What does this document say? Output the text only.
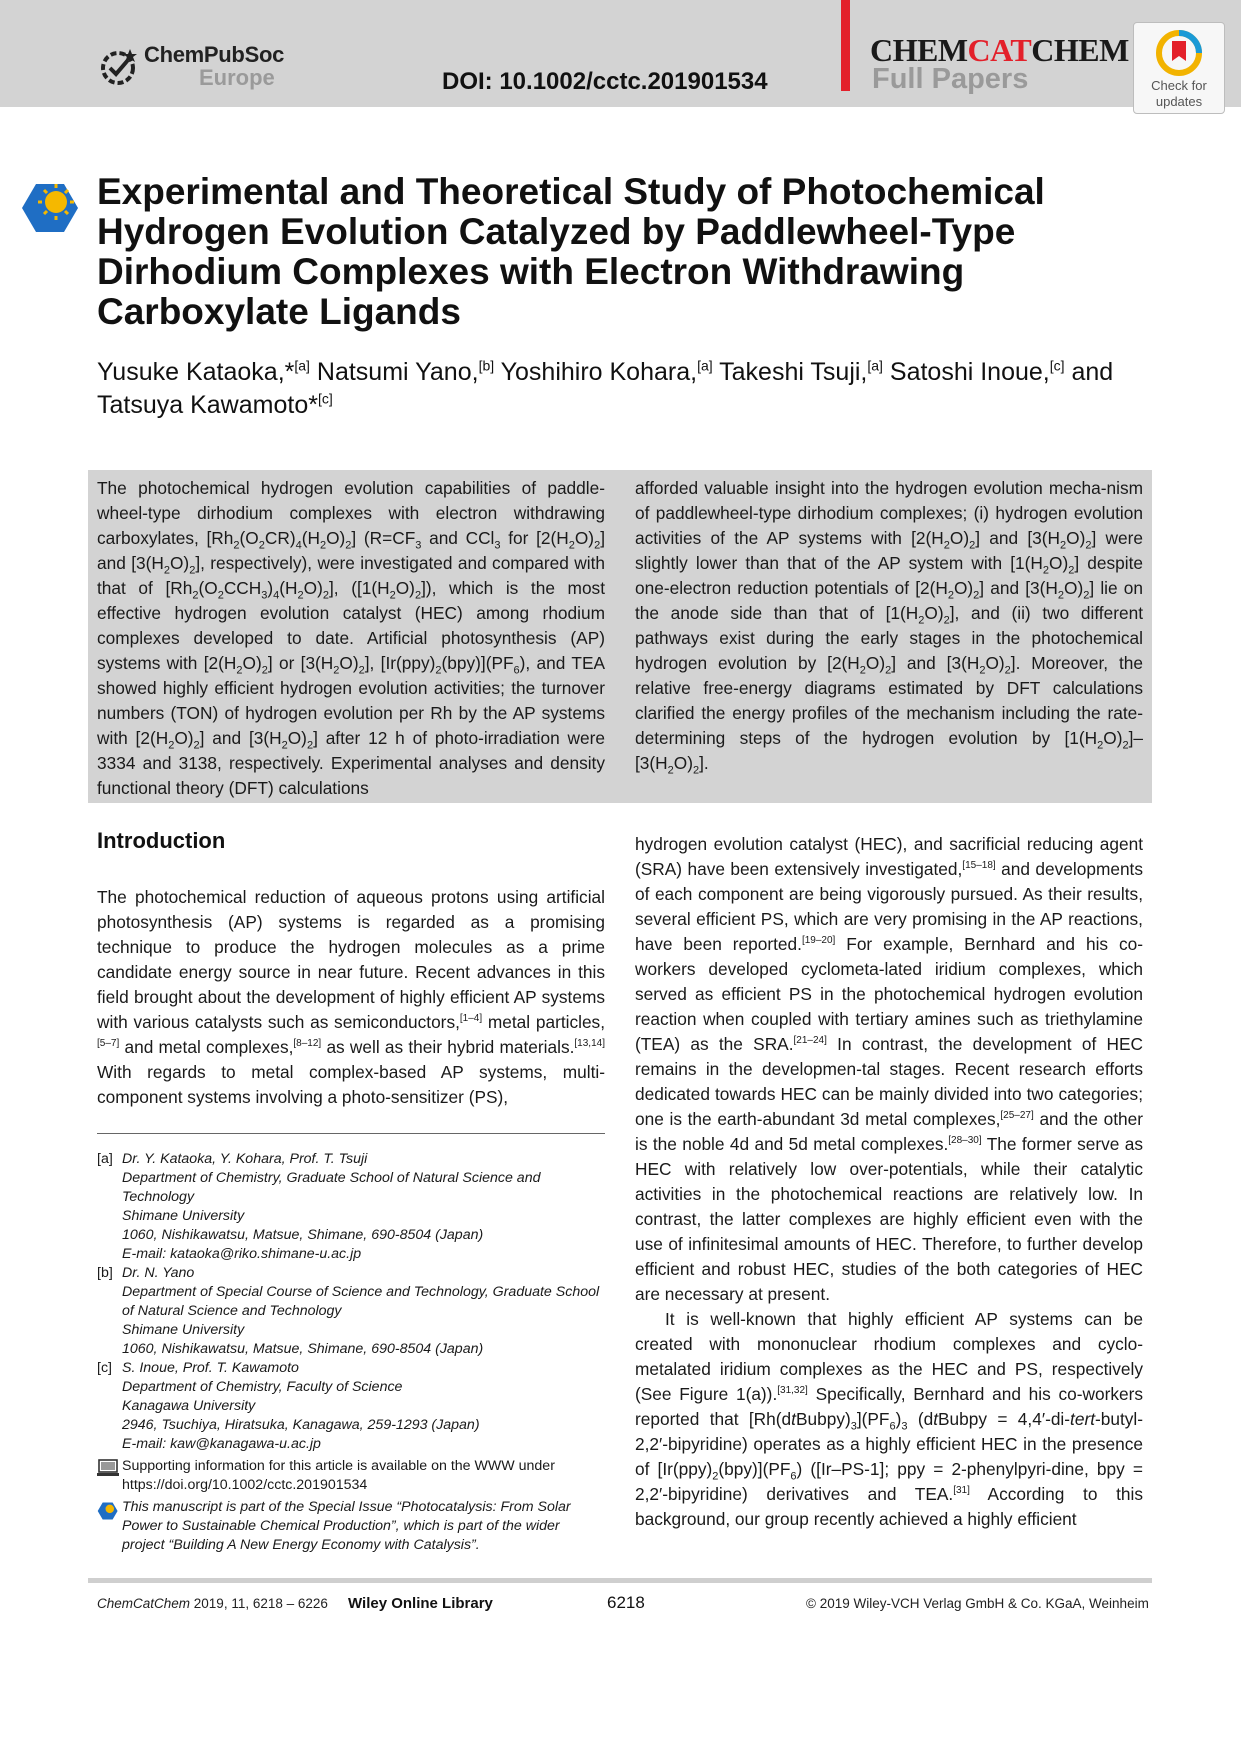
ChemPubSoc
Europe	DOI: 10.1002/cctc.201901534
CHEMCATCHEM
Full Papers	Check for
updates
Experimental and Theoretical Study of Photochemical Hydrogen Evolution Catalyzed by Paddlewheel-Type Dirhodium Complexes with Electron Withdrawing Carboxylate Ligands
Yusuke Kataoka,*[a] Natsumi Yano,[b] Yoshihiro Kohara,[a] Takeshi Tsuji,[a] Satoshi Inoue,[c] and Tatsuya Kawamoto*[c]
The photochemical hydrogen evolution capabilities of paddle-wheel-type dirhodium complexes with electron withdrawing carboxylates, $[Rh_2(O_2CR)_4(H_2O)_2]$ ($R=CF_3$ and CCl$_3$ for $[2(H_2O)_2]$ and $[3(H_2O)_2]$, respectively), were investigated and compared with that of $[Rh_2(O_2CCH_3)_4(H_2O)_2]$, $([1(H_2O)_2])$, which is the most effective hydrogen evolution catalyst (HEC) among rhodium complexes developed to date. Artificial photosynthesis (AP) systems with $[2(H_2O)_2]$ or $[3(H_2O)_2]$, $[Ir(ppy)_2(bpy)](PF_6)$, and TEA showed highly efficient hydrogen evolution activities; the turnover numbers (TON) of hydrogen evolution per Rh by the AP systems with $[2(H_2O)_2]$ and $[3(H_2O)_2]$ after 12 h of photo-irradiation were 3334 and 3138, respectively. Experimental analyses and density functional theory (DFT) calculations
afforded valuable insight into the hydrogen evolution mecha-nism of paddlewheel-type dirhodium complexes; (i) hydrogen evolution activities of the AP systems with $[2(H_2O)_2]$ and $[3(H_2O)_2]$ were slightly lower than that of the AP system with $[1(H_2O)_2]$ despite one-electron reduction potentials of $[2(H_2O)_2]$ and $[3(H_2O)_2]$ lie on the anode side than that of $[1(H_2O)_2]$, and (ii) two different pathways exist during the early stages in the photochemical hydrogen evolution by $[2(H_2O)_2]$ and $[3(H_2O)_2]$. Moreover, the relative free-energy diagrams estimated by DFT calculations clarified the energy profiles of the mechanism including the rate-determining steps of the hydrogen evolution by $[1(H_2O)_2]-[3(H_2O)_2]$.
Introduction
The photochemical reduction of aqueous protons using artificial photosynthesis (AP) systems is regarded as a promising technique to produce the hydrogen molecules as a prime candidate energy source in near future. Recent advances in this field brought about the development of highly efficient AP systems with various catalysts such as semiconductors,[1–4] metal particles,[5–7] and metal complexes,[8–12] as well as their hybrid materials.[13,14] With regards to metal complex-based AP systems, multi-component systems involving a photo-sensitizer (PS),

hydrogen evolution catalyst (HEC), and sacrificial reducing agent (SRA) have been extensively investigated,[15–18] and developments of each component are being vigorously pursued. As their results, several efficient PS, which are very promising in the AP reactions, have been reported.[19–20] For example, Bernhard and his co-workers developed cyclometa-lated iridium complexes, which served as efficient PS in the photochemical hydrogen evolution reaction when coupled with tertiary amines such as triethylamine (TEA) as the SRA.[21–24] In contrast, the development of HEC remains in the developmen-tal stages. Recent research efforts dedicated towards HEC can be mainly divided into two categories; one is the earth-abundant 3d metal complexes,[25–27] and the other is the noble 4d and 5d metal complexes.[28–30] The former serve as HEC with relatively low over-potentials, while their catalytic activities in the photochemical reactions are relatively low. In contrast, the latter complexes are highly efficient even with the use of infinitesimal amounts of HEC. Therefore, to further develop efficient and robust HEC, studies of the both categories of HEC are necessary at present.

It is well-known that highly efficient AP systems can be created with mononuclear rhodium complexes and cyclo-metalated iridium complexes as the HEC and PS, respectively (See Figure 1(a)).[31,32] Specifically, Bernhard and his co-workers reported that $[Rh(dtBubpy)_3](PF_6)_3$ (dtBubpy = 4,4′-di-tert-butyl-2,2′-bipyridine) operates as a highly efficient HEC in the presence of $[Ir(ppy)_2(bpy)](PF_6)$ ([Ir–PS-1]; ppy = 2-phenylpyri-dine, bpy = 2,2′-bipyridine) derivatives and TEA.[31] According to this background, our group recently achieved a highly efficient

[a] Dr. Y. Kataoka, Y. Kohara, Prof. T. Tsuji
Department of Chemistry, Graduate School of Natural Science and Technology
Shimane University
1060, Nishikawatsu, Matsue, Shimane, 690-8504 (Japan)
E-mail: kataoka@riko.shimane-u.ac.jp
[b] Dr. N. Yano
Department of Special Course of Science and Technology, Graduate School of Natural Science and Technology
Shimane University
1060, Nishikawatsu, Matsue, Shimane, 690-8504 (Japan)
[c] S. Inoue, Prof. T. Kawamoto
Department of Chemistry, Faculty of Science
Kanagawa University
2946, Tsuchiya, Hiratsuka, Kanagawa, 259-1293 (Japan)
E-mail: kaw@kanagawa-u.ac.jp
Supporting information for this article is available on the WWW under https://doi.org/10.1002/cctc.201901534
This manuscript is part of the Special Issue “Photocatalysis: From Solar Power to Sustainable Chemical Production”, which is part of the wider project “Building A New Energy Economy with Catalysis”.
ChemCatChem 2019, 11, 6218 – 6226 Wiley Online Library	6218	© 2019 Wiley-VCH Verlag GmbH & Co. KGaA, Weinheim
